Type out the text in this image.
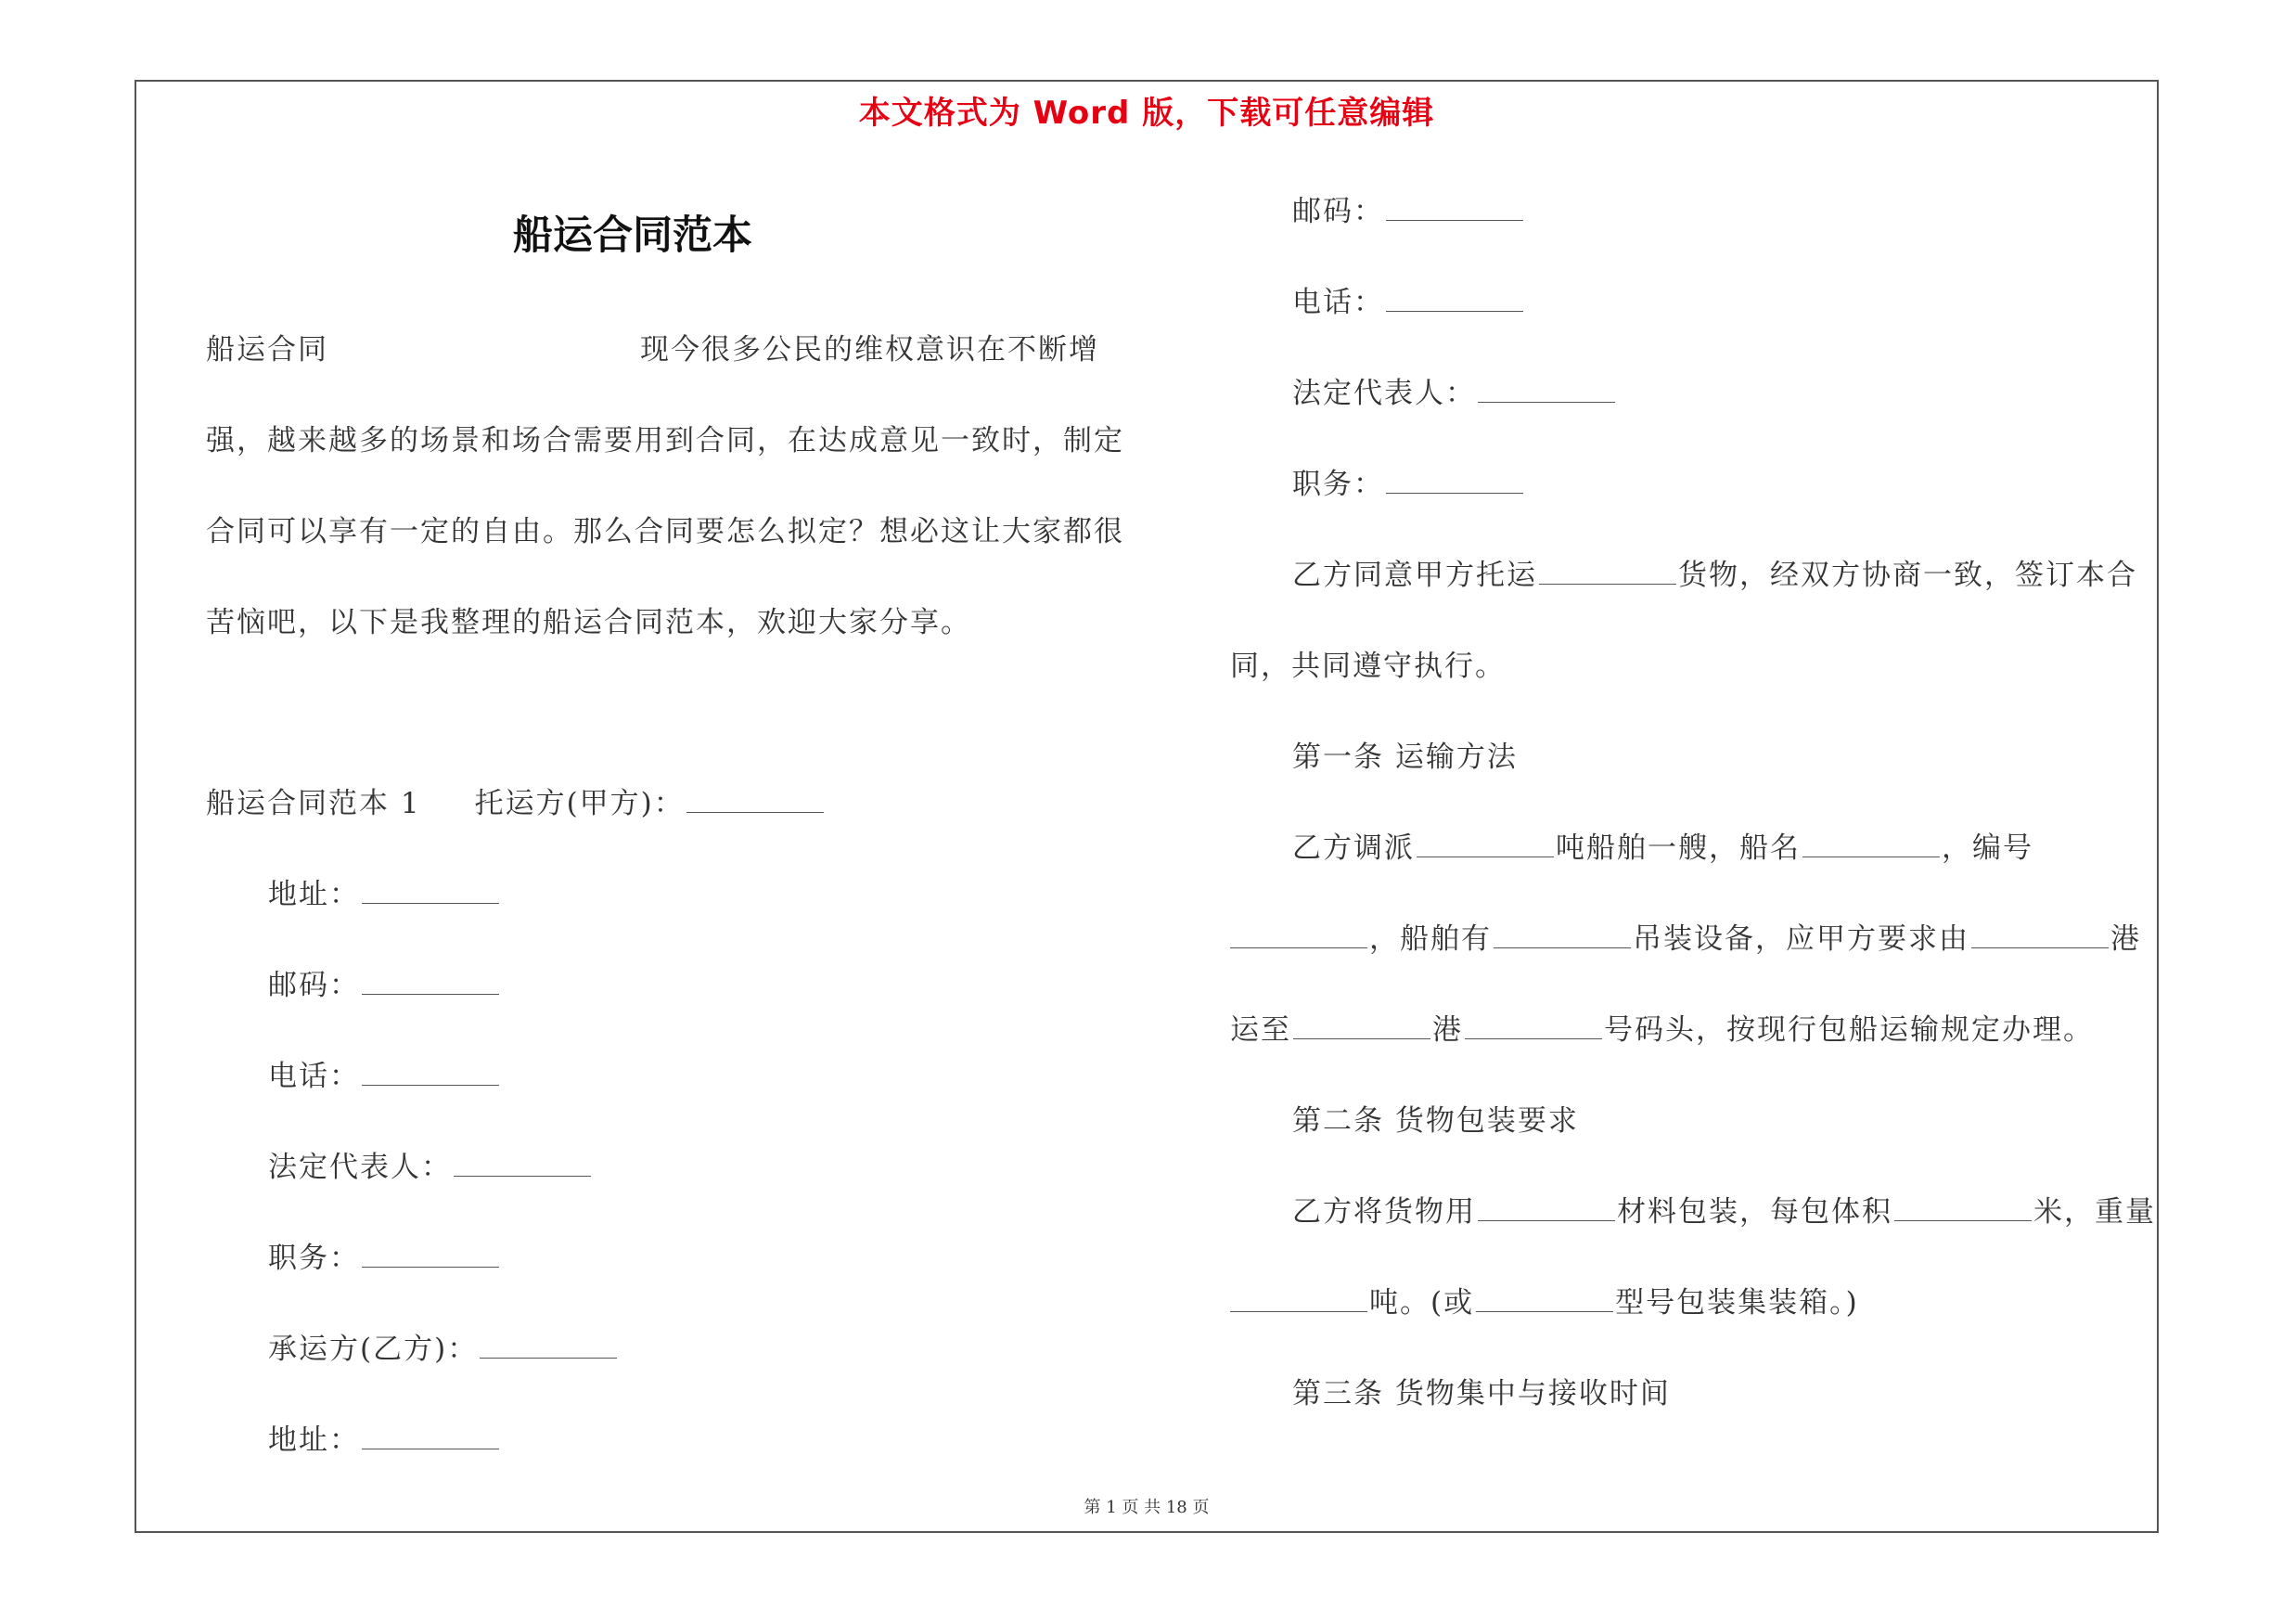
本文格式为 Word 版，下载可任意编辑
船运合同范本
船运合同	现今很多公民的维权意识在不断增
强，越来越多的场景和场合需要用到合同，在达成意见一致时，制定
合同可以享有一定的自由。那么合同要怎么拟定？想必这让大家都很
苦恼吧，以下是我整理的船运合同范本，欢迎大家分享。
船运合同范本 1 托运方(甲方)：
地址：
邮码：
电话：
法定代表人：
职务：
承运方(乙方)：
地址：
邮码：
电话：
法定代表人：
职务：
乙方同意甲方托运	货物，经双方协商一致，签订本合
同，共同遵守执行。
第一条 运输方法
乙方调派	吨船舶一艘，船名	，编号
，船舶有	吊装设备，应甲方要求由	港
运至	港	号码头，按现行包船运输规定办理。
第二条 货物包装要求
乙方将货物用	材料包装，每包体积	米，重量
吨。(或	型号包装集装箱。)
第三条 货物集中与接收时间
第 1 页 共 18 页
